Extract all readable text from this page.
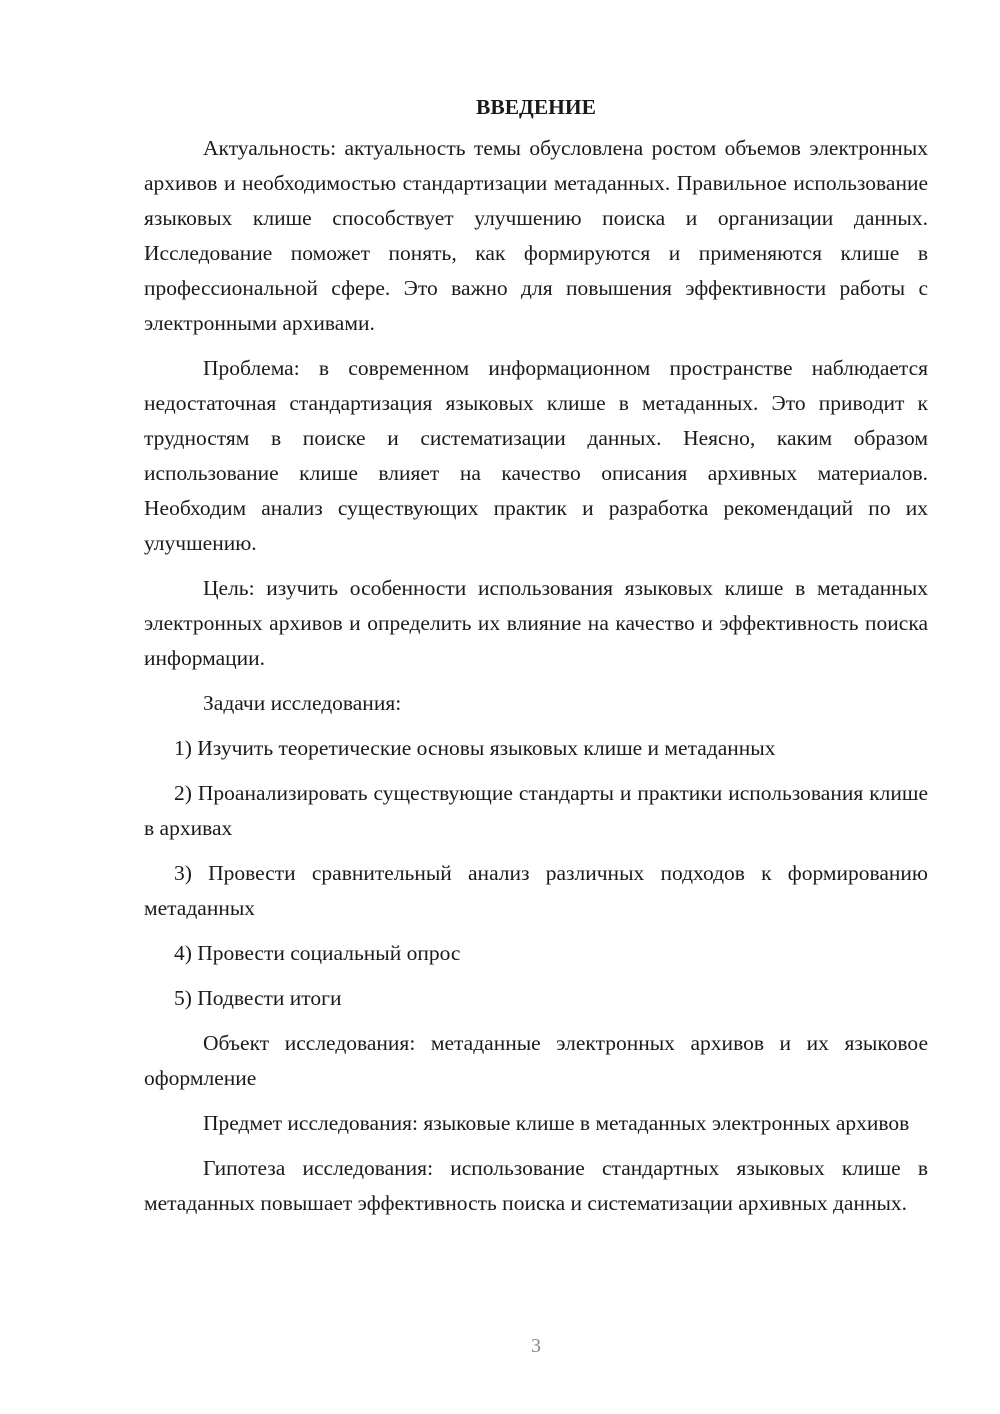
ВВЕДЕНИЕ

Актуальность: актуальность темы обусловлена ростом объемов электронных архивов и необходимостью стандартизации метаданных. Правильное использование языковых клише способствует улучшению поиска и организации данных. Исследование поможет понять, как формируются и применяются клише в профессиональной сфере. Это важно для повышения эффективности работы с электронными архивами.

Проблема: в современном информационном пространстве наблюдается недостаточная стандартизация языковых клише в метаданных. Это приводит к трудностям в поиске и систематизации данных. Неясно, каким образом использование клише влияет на качество описания архивных материалов. Необходим анализ существующих практик и разработка рекомендаций по их улучшению.

Цель: изучить особенности использования языковых клише в метаданных электронных архивов и определить их влияние на качество и эффективность поиска информации.

Задачи исследования:

1) Изучить теоретические основы языковых клише и метаданных

2) Проанализировать существующие стандарты и практики использования клише в архивах

3) Провести сравнительный анализ различных подходов к формированию метаданных

4) Провести социальный опрос

5) Подвести итоги

Объект исследования: метаданные электронных архивов и их языковое оформление

Предмет исследования: языковые клише в метаданных электронных архивов

Гипотеза исследования: использование стандартных языковых клише в метаданных повышает эффективность поиска и систематизации архивных данных.

3
